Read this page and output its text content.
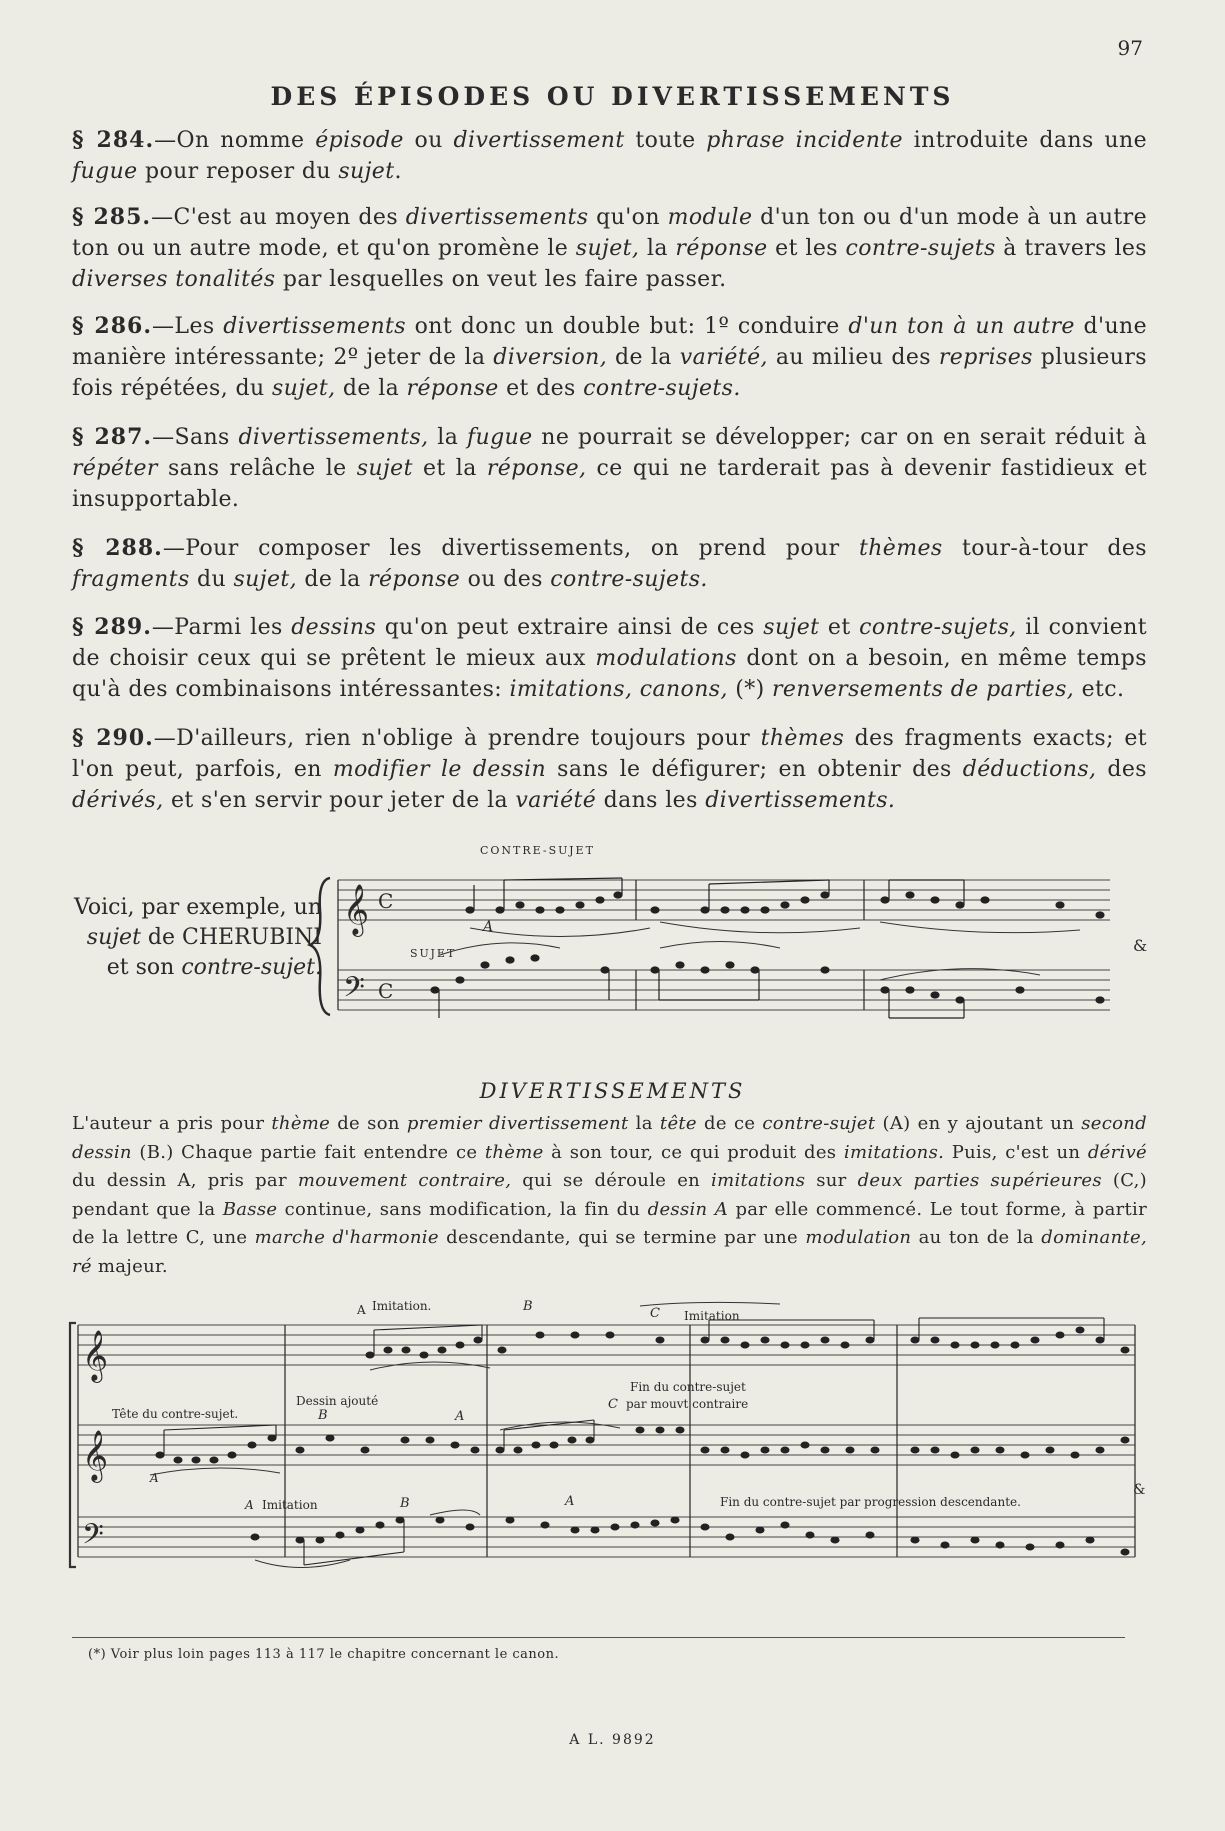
97
DES ÉPISODES OU DIVERTISSEMENTS
§ 284.—On nomme épisode ou divertissement toute phrase incidente introduite dans une fugue pour reposer du sujet.
§ 285.—C'est au moyen des divertissements qu'on module d'un ton ou d'un mode à un autre ton ou un autre mode, et qu'on promène le sujet, la réponse et les contre-sujets à travers les diverses tonalités par lesquelles on veut les faire passer.
§ 286.—Les divertissements ont donc un double but: 1º conduire d'un ton à un autre d'une manière intéressante; 2º jeter de la diversion, de la variété, au milieu des reprises plusieurs fois répétées, du sujet, de la réponse et des contre-sujets.
§ 287.—Sans divertissements, la fugue ne pourrait se développer; car on en serait réduit à répéter sans relâche le sujet et la réponse, ce qui ne tarderait pas à devenir fastidieux et insupportable.
§ 288.—Pour composer les divertissements, on prend pour thèmes tour-à-tour des fragments du sujet, de la réponse ou des contre-sujets.
§ 289.—Parmi les dessins qu'on peut extraire ainsi de ces sujet et contre-sujets, il convient de choisir ceux qui se prêtent le mieux aux modulations dont on a besoin, en même temps qu'à des combinaisons intéressantes: imitations, canons, (*) renversements de parties, etc.
§ 290.—D'ailleurs, rien n'oblige à prendre toujours pour thèmes des fragments exacts; et l'on peut, parfois, en modifier le dessin sans le défigurer; en obtenir des déductions, des dérivés, et s'en servir pour jeter de la variété dans les divertissements.
Voici, par exemple, un sujet de CHERUBINI et son contre-sujet.
CONTRE-SUJET
SUJET
A
&
𝄞
𝄢
C
C
DIVERTISSEMENTS
L'auteur a pris pour thème de son premier divertissement la tête de ce contre-sujet (A) en y ajoutant un second dessin (B.) Chaque partie fait entendre ce thème à son tour, ce qui produit des imitations. Puis, c'est un dérivé du dessin A, pris par mouvement contraire, qui se déroule en imitations sur deux parties supérieures (C,) pendant que la Basse continue, sans modification, la fin du dessin A par elle commencé. Le tout forme, à partir de la lettre C, une marche d'harmonie descendante, qui se termine par une modulation au ton de la dominante, ré majeur.
A Imitation.	B	C Imitation
Tête du contre-sujet.
Dessin ajouté
B	A
A
Fin du contre-sujet
C par mouvt contraire
A Imitation	B	A	Fin du contre-sujet par progression descendante.
&
𝄞
𝄞
𝄢
(*) Voir plus loin pages 113 à 117 le chapitre concernant le canon.
A L. 9892
